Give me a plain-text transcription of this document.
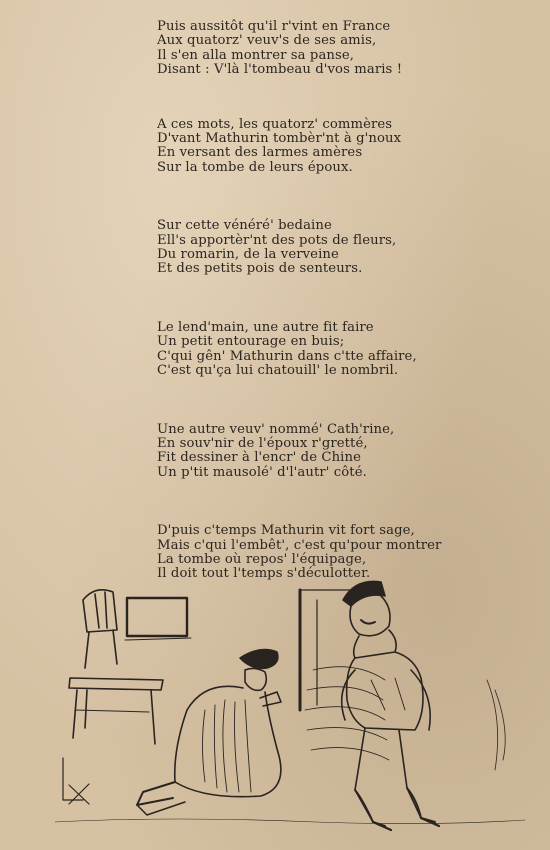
Puis aussitôt qu'il r'vint en France
Aux quatorz' veuv's de ses amis,
Il s'en alla montrer sa panse,
Disant : V'là l'tombeau d'vos maris !
A ces mots, les quatorz' commères
D'vant Mathurin tombèr'nt à g'noux
En versant des larmes amères
Sur la tombe de leurs époux.
Sur cette vénéré' bedaine
Ell's apportèr'nt des pots de fleurs,
Du romarin, de la verveine
Et des petits pois de senteurs.
Le lend'main, une autre fit faire
Un petit entourage en buis;
C'qui gên' Mathurin dans c'tte affaire,
C'est qu'ça lui chatouill' le nombril.
Une autre veuv' nommé' Cath'rine,
En souv'nir de l'époux r'gretté,
Fit dessiner à l'encr' de Chine
Un p'tit mausolé' d'l'autr' côté.
D'puis c'temps Mathurin vit fort sage,
Mais c'qui l'embêt', c'est qu'pour montrer
La tombe où repos' l'équipage,
Il doit tout l'temps s'déculotter.
